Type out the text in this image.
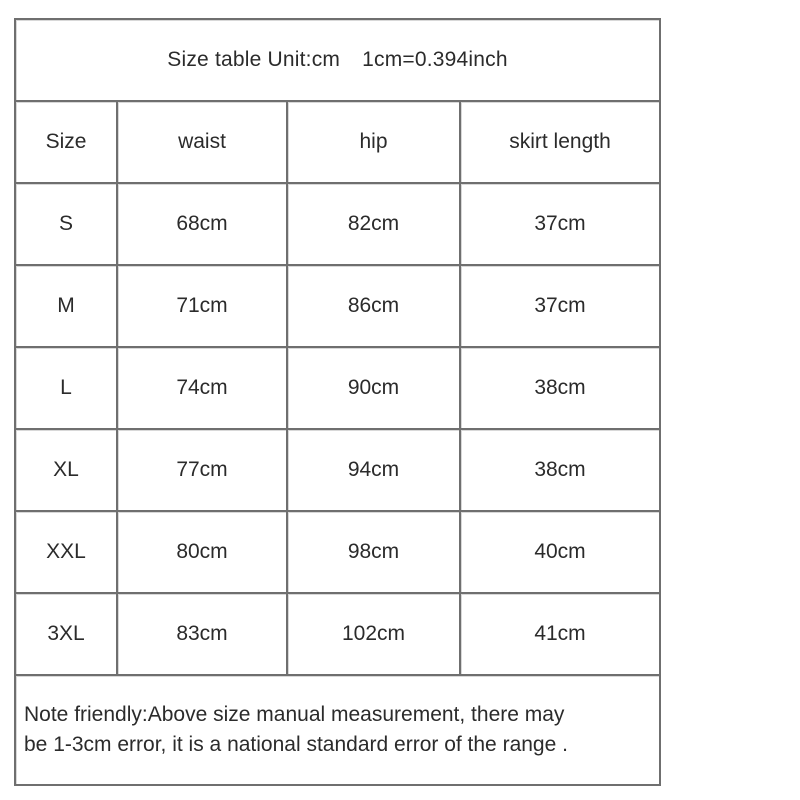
Size table Unit:cm 1cm=0.394inch			
Size	waist	hip	skirt length
S	68cm	82cm	37cm
M	71cm	86cm	37cm
L	74cm	90cm	38cm
XL	77cm	94cm	38cm
XXL	80cm	98cm	40cm
3XL	83cm	102cm	41cm
Note friendly:Above size manual measurement, there may
be 1-3cm error, it is a national standard error of the range .			
